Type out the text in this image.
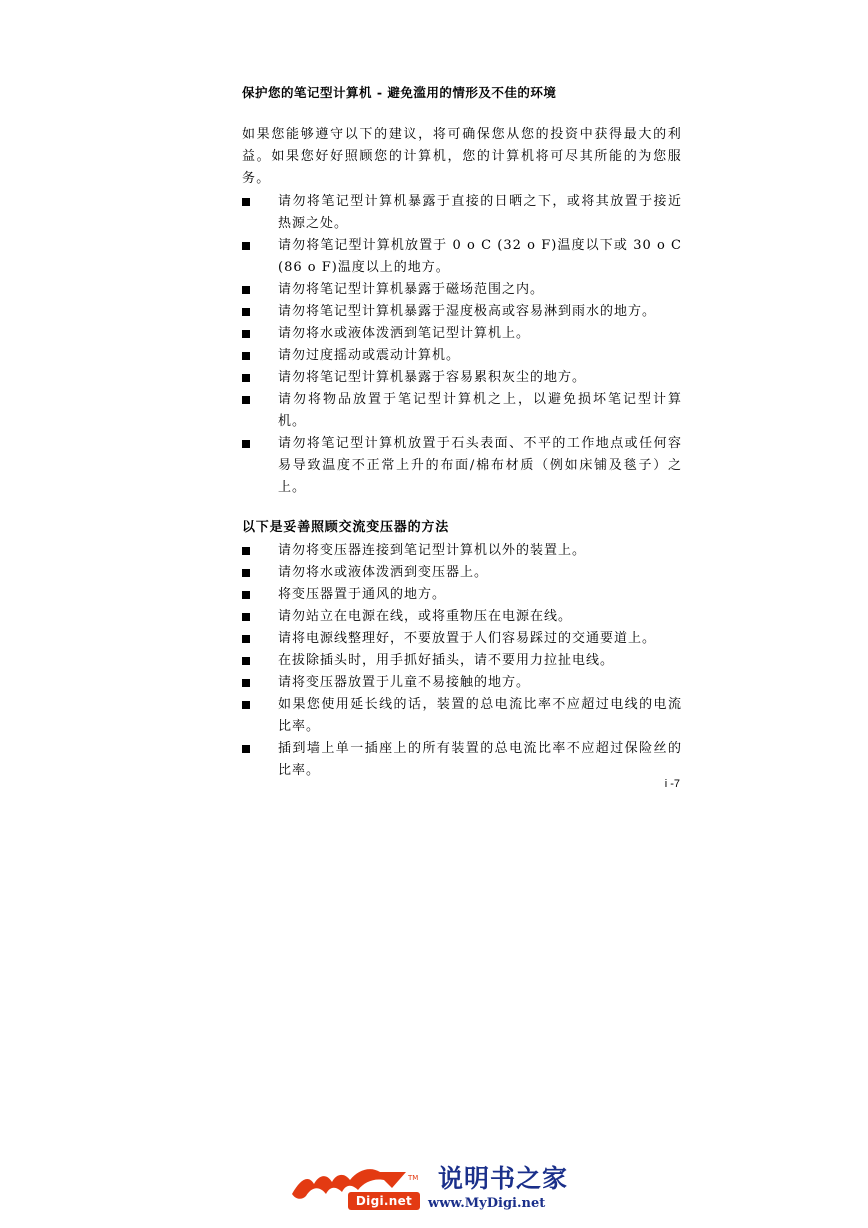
保护您的笔记型计算机 - 避免滥用的情形及不佳的环境
如果您能够遵守以下的建议，将可确保您从您的投资中获得最大的利益。如果您好好照顾您的计算机，您的计算机将可尽其所能的为您服务。
请勿将笔记型计算机暴露于直接的日晒之下，或将其放置于接近热源之处。
请勿将笔记型计算机放置于 0 o C (32 o F)温度以下或 30 o C (86 o F)温度以上的地方。
请勿将笔记型计算机暴露于磁场范围之内。
请勿将笔记型计算机暴露于湿度极高或容易淋到雨水的地方。
请勿将水或液体泼洒到笔记型计算机上。
请勿过度摇动或震动计算机。
请勿将笔记型计算机暴露于容易累积灰尘的地方。
请勿将物品放置于笔记型计算机之上，以避免损坏笔记型计算机。
请勿将笔记型计算机放置于石头表面、不平的工作地点或任何容易导致温度不正常上升的布面/棉布材质（例如床铺及毯子）之上。
以下是妥善照顾交流变压器的方法
请勿将变压器连接到笔记型计算机以外的装置上。
请勿将水或液体泼洒到变压器上。
将变压器置于通风的地方。
请勿站立在电源在线，或将重物压在电源在线。
请将电源线整理好，不要放置于人们容易踩过的交通要道上。
在拔除插头时，用手抓好插头，请不要用力拉扯电线。
请将变压器放置于儿童不易接触的地方。
如果您使用延长线的话，装置的总电流比率不应超过电线的电流比率。
插到墙上单一插座上的所有装置的总电流比率不应超过保险丝的比率。
i -7
TM
Digi.net
说明书之家
www.MyDigi.net
